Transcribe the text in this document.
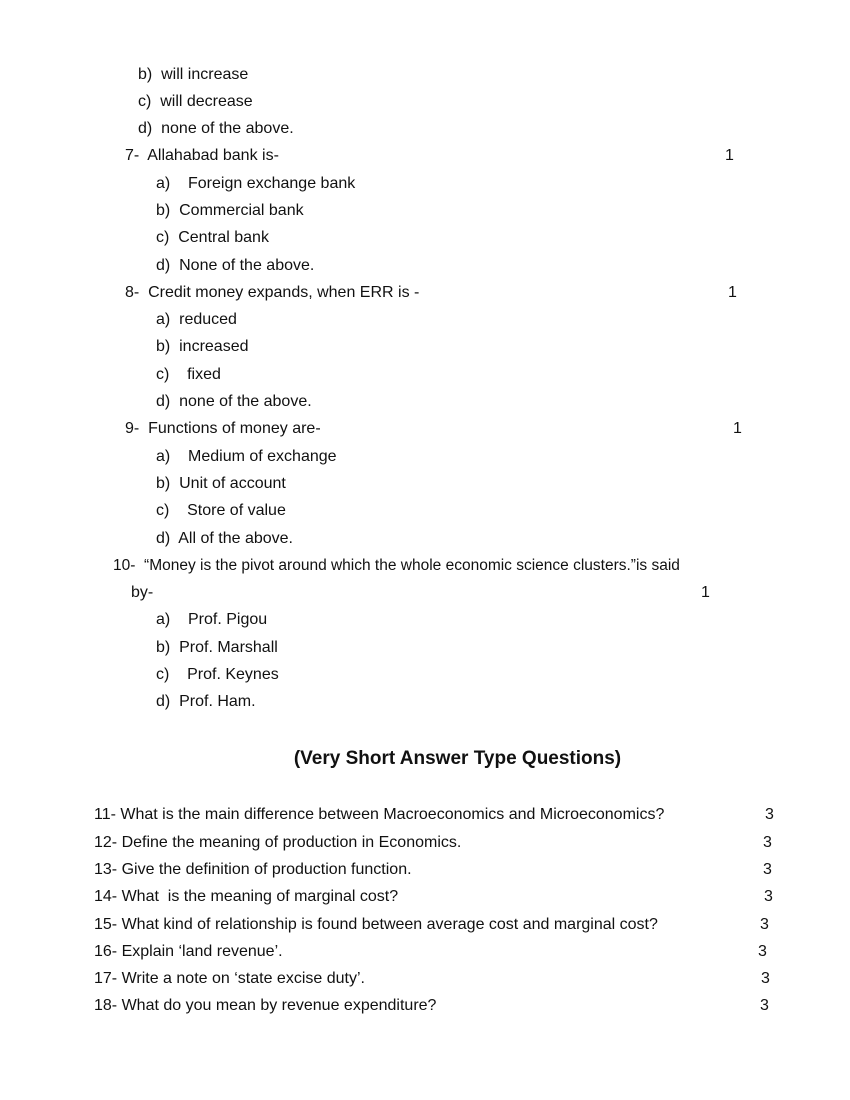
b)  will increase
c)  will decrease
d)  none of the above.
7- Allahabad bank is-	1
a)    Foreign exchange bank
b)  Commercial bank
c)  Central bank
d)  None of the above.
8- Credit money expands, when ERR is -	1
a)  reduced
b)  increased
c)    fixed
d)  none of the above.
9- Functions of money are-	1
a)    Medium of exchange
b)  Unit of account
c)    Store of value
d)  All of the above.
10- “Money is the pivot around which the whole economic science clusters.”is said
by-	1
a)    Prof. Pigou
b)  Prof. Marshall
c)    Prof. Keynes
d)  Prof. Ham.
(Very Short Answer Type Questions)
11- What is the main difference between Macroeconomics and Microeconomics?	3
12- Define the meaning of production in Economics.	3
13- Give the definition of production function.	3
14- What  is the meaning of marginal cost?	3
15- What kind of relationship is found between average cost and marginal cost?	3
16- Explain ‘land revenue’.	3
17- Write a note on ‘state excise duty’.	3
18- What do you mean by revenue expenditure?	3
